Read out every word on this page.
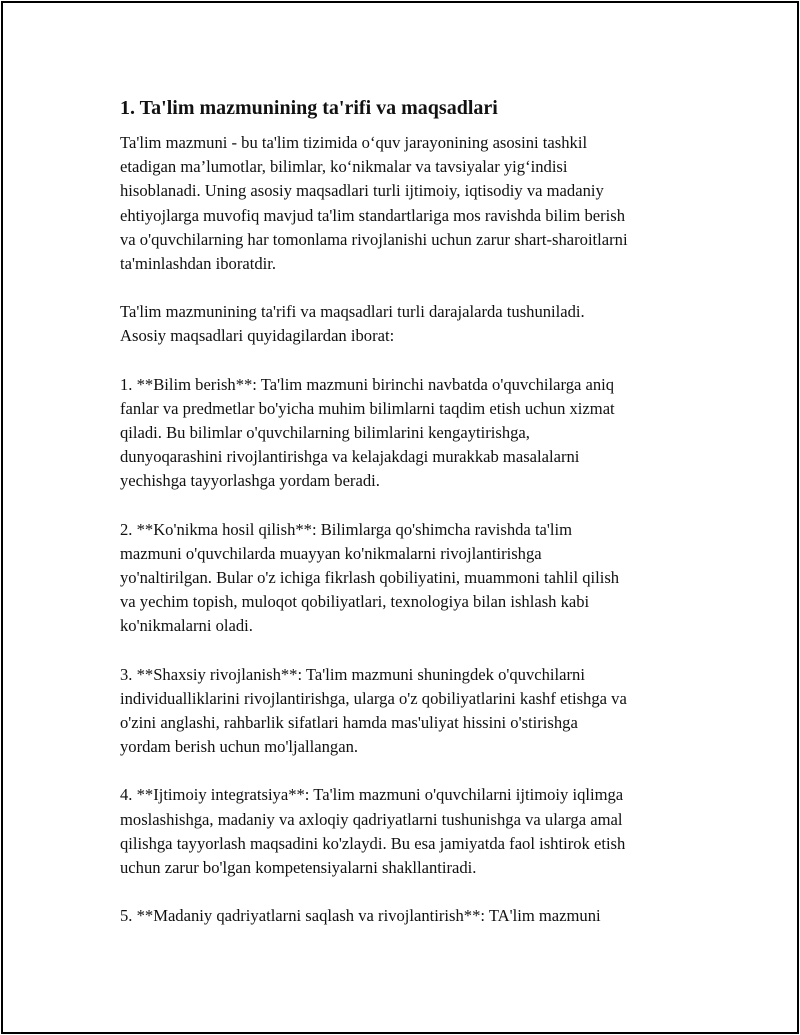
1. Ta'lim mazmunining ta'rifi va maqsadlari
Ta'lim mazmuni - bu ta'lim tizimida o‘quv jarayonining asosini tashkil
etadigan ma’lumotlar, bilimlar, ko‘nikmalar va tavsiyalar yig‘indisi
hisoblanadi. Uning asosiy maqsadlari turli ijtimoiy, iqtisodiy va madaniy
ehtiyojlarga muvofiq mavjud ta'lim standartlariga mos ravishda bilim berish
va o'quvchilarning har tomonlama rivojlanishi uchun zarur shart-sharoitlarni
ta'minlashdan iboratdir.
Ta'lim mazmunining ta'rifi va maqsadlari turli darajalarda tushuniladi.
Asosiy maqsadlari quyidagilardan iborat:
1. **Bilim berish**: Ta'lim mazmuni birinchi navbatda o'quvchilarga aniq
fanlar va predmetlar bo'yicha muhim bilimlarni taqdim etish uchun xizmat
qiladi. Bu bilimlar o'quvchilarning bilimlarini kengaytirishga,
dunyoqarashini rivojlantirishga va kelajakdagi murakkab masalalarni
yechishga tayyorlashga yordam beradi.
2. **Ko'nikma hosil qilish**: Bilimlarga qo'shimcha ravishda ta'lim
mazmuni o'quvchilarda muayyan ko'nikmalarni rivojlantirishga
yo'naltirilgan. Bular o'z ichiga fikrlash qobiliyatini, muammoni tahlil qilish
va yechim topish, muloqot qobiliyatlari, texnologiya bilan ishlash kabi
ko'nikmalarni oladi.
3. **Shaxsiy rivojlanish**: Ta'lim mazmuni shuningdek o'quvchilarni
individualliklarini rivojlantirishga, ularga o'z qobiliyatlarini kashf etishga va
o'zini anglashi, rahbarlik sifatlari hamda mas'uliyat hissini o'stirishga
yordam berish uchun mo'ljallangan.
4. **Ijtimoiy integratsiya**: Ta'lim mazmuni o'quvchilarni ijtimoiy iqlimga
moslashishga, madaniy va axloqiy qadriyatlarni tushunishga va ularga amal
qilishga tayyorlash maqsadini ko'zlaydi. Bu esa jamiyatda faol ishtirok etish
uchun zarur bo'lgan kompetensiyalarni shakllantiradi.
5. **Madaniy qadriyatlarni saqlash va rivojlantirish**: TA'lim mazmuni
